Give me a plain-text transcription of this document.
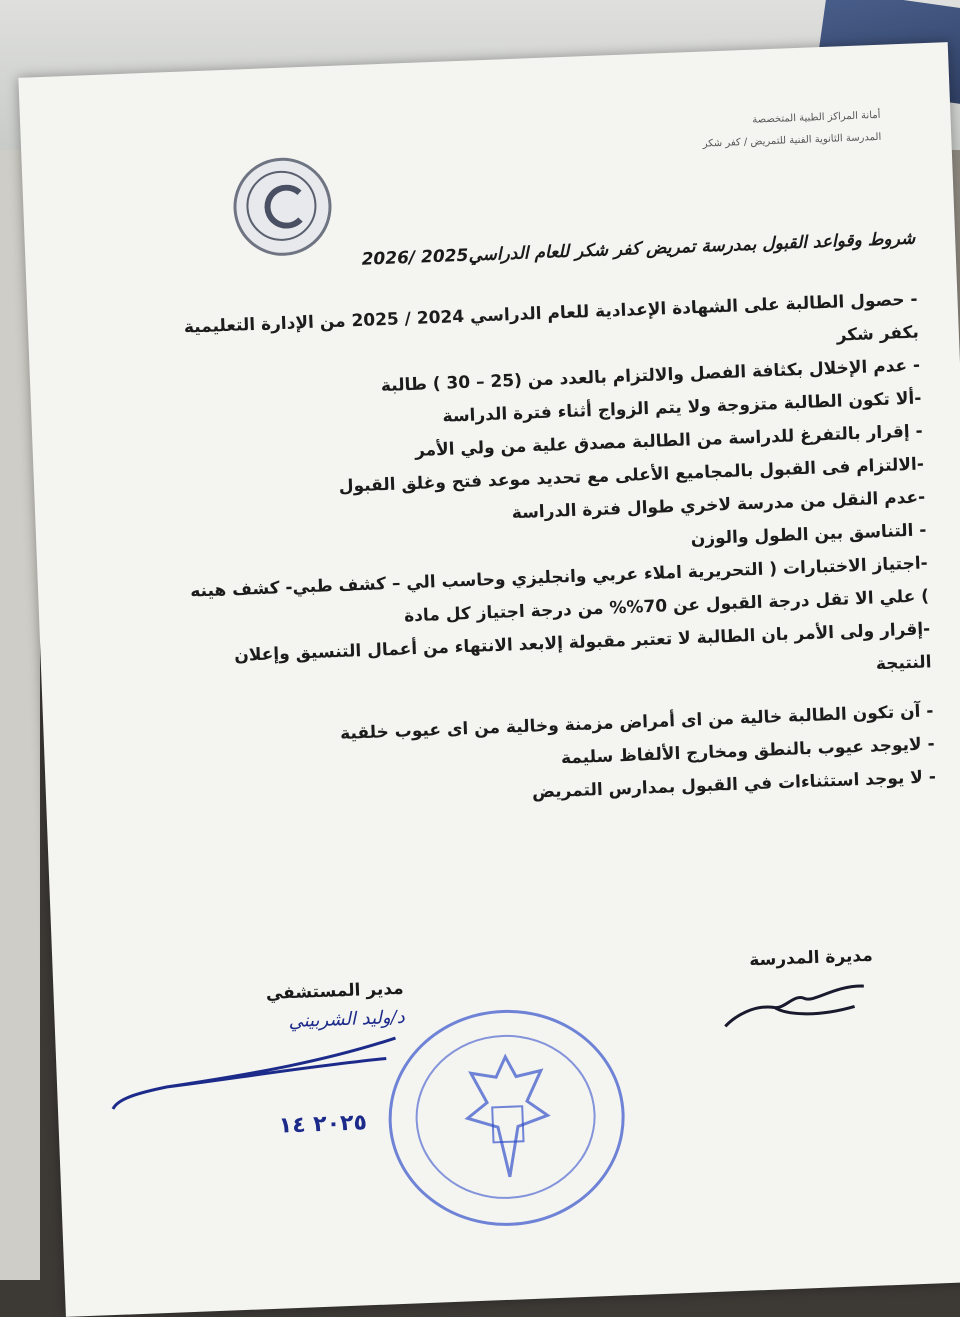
أمانة المراكز الطبية المتخصصة
المدرسة الثانوية الفنية للتمريض / كفر شكر
شروط وقواعد القبول بمدرسة تمريض كفر شكر للعام الدراسي2025 /2026

- حصول الطالبة على الشهادة الإعدادية للعام الدراسي 2024 / 2025 من الإدارة التعليمية بكفر شكر

- عدم الإخلال بكثافة الفصل والالتزام بالعدد من (25 – 30 ) طالبة

-ألا تكون الطالبة متزوجة ولا يتم الزواج أثناء فترة الدراسة

- إقرار بالتفرغ للدراسة من الطالبة مصدق علية من ولي الأمر

-الالتزام فى القبول بالمجاميع الأعلى مع تحديد موعد فتح وغلق القبول

-عدم النقل من مدرسة لاخري طوال فترة الدراسة

- التناسق بين الطول والوزن

-اجتياز الاختبارات ( التحريرية املاء عربي وانجليزي وحاسب الي – كشف طبي- كشف هينه ) علي الا تقل درجة القبول عن 70%% من درجة اجتياز كل مادة

-إقرار ولى الأمر بان الطالبة لا تعتبر مقبولة إلابعد الانتهاء من أعمال التنسيق وإعلان النتيجة

- آن تكون الطالبة خالية من اى أمراض مزمنة وخالية من اى عيوب خلقية

- لايوجد عيوب بالنطق ومخارج الألفاظ سليمة

- لا يوجد استثناءات في القبول بمدارس التمريض

مديرة المدرسة
مدير المستشفي
د/وليد الشربيني
٢٠٢٥ ١٤
